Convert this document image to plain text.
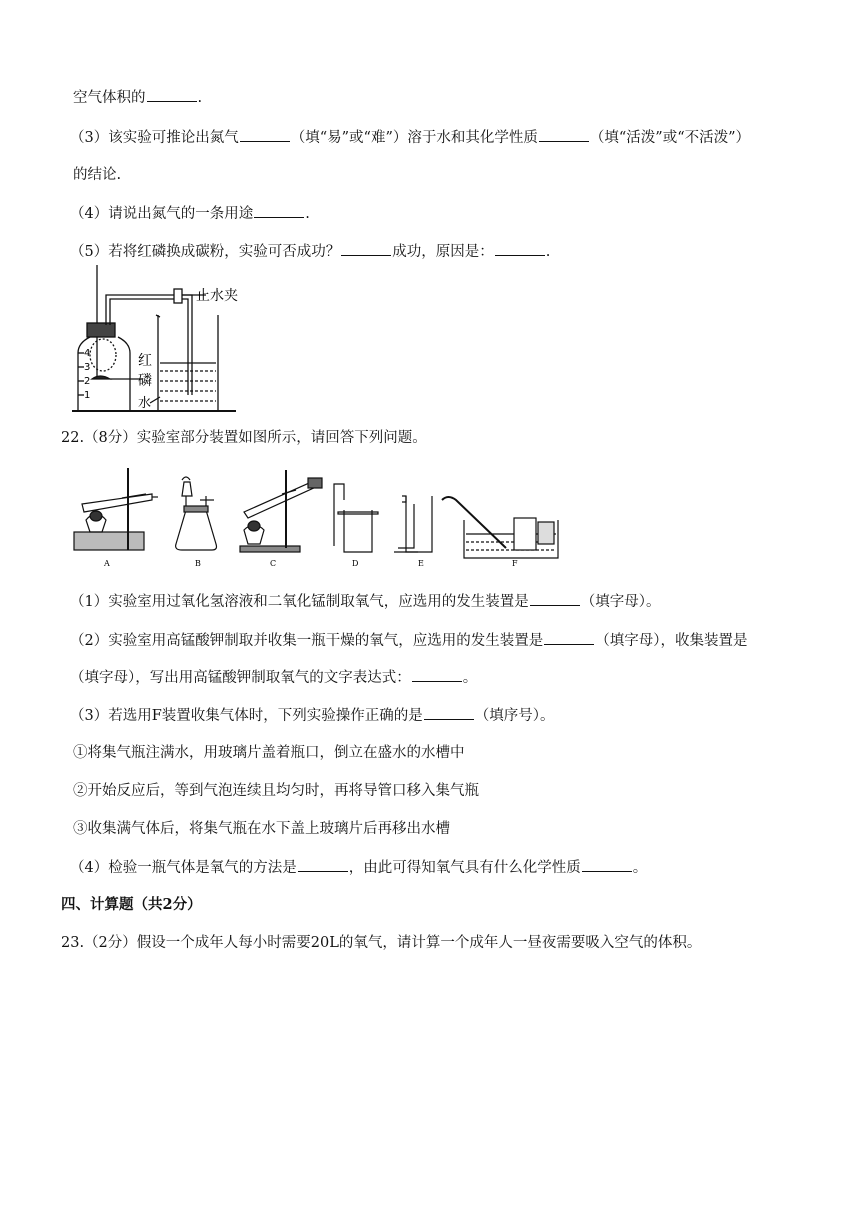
空气体积的	.
（3）该实验可推论出氮气	（填“易”或“难”）溶于水和其化学性质	（填“活泼”或“不活泼”）
的结论.
（4）请说出氮气的一条用途	.
（5）若将红磷换成碳粉，实验可否成功？	成功，原因是：	.
4
3
2
1
止水夹
红
磷
水
22.（8分）实验室部分装置如图所示，请回答下列问题。
A	B	C	D	E	F
（1）实验室用过氧化氢溶液和二氧化锰制取氧气，应选用的发生装置是	（填字母）。
（2）实验室用高锰酸钾制取并收集一瓶干燥的氧气，应选用的发生装置是	（填字母），收集装置是
（填字母），写出用高锰酸钾制取氧气的文字表达式：	。
（3）若选用F装置收集气体时，下列实验操作正确的是	（填序号）。
①将集气瓶注满水，用玻璃片盖着瓶口，倒立在盛水的水槽中
②开始反应后，等到气泡连续且均匀时，再将导管口移入集气瓶
③收集满气体后，将集气瓶在水下盖上玻璃片后再移出水槽
（4）检验一瓶气体是氧气的方法是	，由此可得知氧气具有什么化学性质	。
四、计算题（共2分）
23.（2分）假设一个成年人每小时需要20L的氧气，请计算一个成年人一昼夜需要吸入空气的体积。
